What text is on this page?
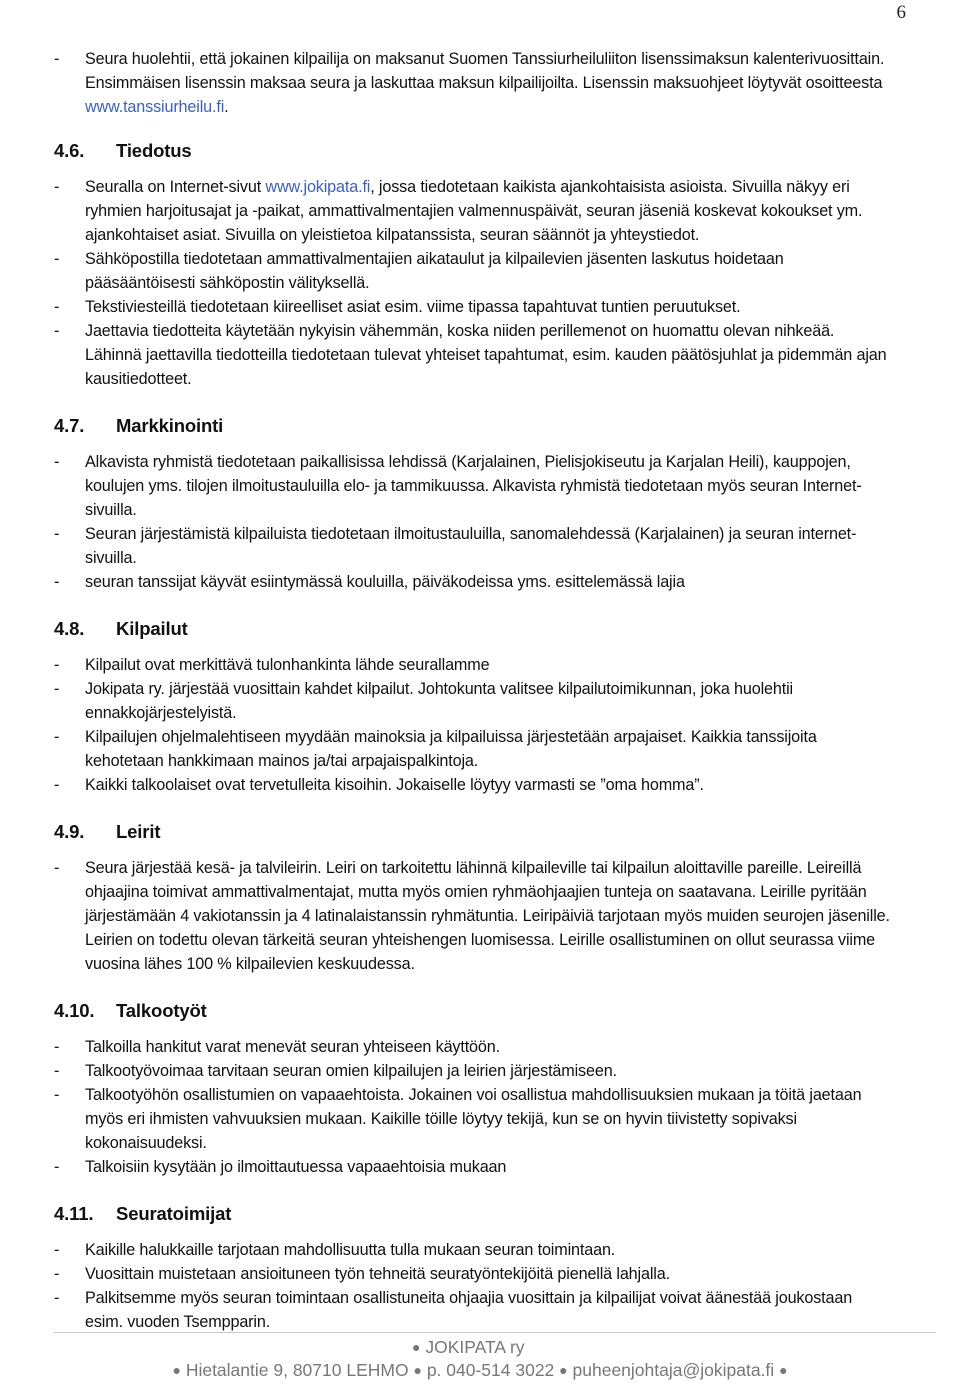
6
-	Seura huolehtii, että jokainen kilpailija on maksanut Suomen Tanssiurheiluliiton lisenssimaksun kalenterivuosittain. Ensimmäisen lisenssin maksaa seura ja laskuttaa maksun kilpailijoilta. Lisenssin maksuohjeet löytyvät osoitteesta www.tanssiurheilu.fi.
4.6.	Tiedotus
-	Seuralla on Internet-sivut www.jokipata.fi, jossa tiedotetaan kaikista ajankohtaisista asioista. Sivuilla näkyy eri ryhmien harjoitusajat ja -paikat, ammattivalmentajien valmennuspäivät, seuran jäseniä koskevat kokoukset ym. ajankohtaiset asiat. Sivuilla on yleistietoa kilpatanssista, seuran säännöt ja yhteystiedot.
-	Sähköpostilla tiedotetaan ammattivalmentajien aikataulut ja kilpailevien jäsenten laskutus hoidetaan pääsääntöisesti sähköpostin välityksellä.
-	Tekstiviesteillä tiedotetaan kiireelliset asiat esim. viime tipassa tapahtuvat tuntien peruutukset.
-	Jaettavia tiedotteita käytetään nykyisin vähemmän, koska niiden perillemenot on huomattu olevan nihkeää. Lähinnä jaettavilla tiedotteilla tiedotetaan tulevat yhteiset tapahtumat, esim. kauden päätösjuhlat ja pidemmän ajan kausitiedotteet.
4.7.	Markkinointi
-	Alkavista ryhmistä tiedotetaan paikallisissa lehdissä (Karjalainen, Pielisjokiseutu ja Karjalan Heili), kauppojen, koulujen yms. tilojen ilmoitustauluilla elo- ja tammikuussa. Alkavista ryhmistä tiedotetaan myös seuran Internet-sivuilla.
-	Seuran järjestämistä kilpailuista tiedotetaan ilmoitustauluilla, sanomalehdessä (Karjalainen) ja seuran internet-sivuilla.
-	seuran tanssijat käyvät esiintymässä kouluilla, päiväkodeissa yms. esittelemässä lajia
4.8.	Kilpailut
-	Kilpailut ovat merkittävä tulonhankinta lähde seurallamme
-	Jokipata ry. järjestää vuosittain kahdet kilpailut. Johtokunta valitsee kilpailutoimikunnan, joka huolehtii ennakkojärjestelyistä.
-	Kilpailujen ohjelmalehtiseen myydään mainoksia ja kilpailuissa järjestetään arpajaiset. Kaikkia tanssijoita kehotetaan hankkimaan mainos ja/tai arpajaispalkintoja.
-	Kaikki talkoolaiset ovat tervetulleita kisoihin. Jokaiselle löytyy varmasti se ”oma homma”.
4.9.	Leirit
-	Seura järjestää kesä- ja talvileirin. Leiri on tarkoitettu lähinnä kilpaileville tai kilpailun aloittaville pareille. Leireillä ohjaajina toimivat ammattivalmentajat, mutta myös omien ryhmäohjaajien tunteja on saatavana. Leirille pyritään järjestämään 4 vakiotanssin ja 4 latinalaistanssin ryhmätuntia. Leiripäiviä tarjotaan myös muiden seurojen jäsenille. Leirien on todettu olevan tärkeitä seuran yhteishengen luomisessa. Leirille osallistuminen on ollut seurassa viime vuosina lähes 100 % kilpailevien keskuudessa.
4.10.	Talkootyöt
-	Talkoilla hankitut varat menevät seuran yhteiseen käyttöön.
-	Talkootyövoimaa tarvitaan seuran omien kilpailujen ja leirien järjestämiseen.
-	Talkootyöhön osallistumien on vapaaehtoista. Jokainen voi osallistua mahdollisuuksien mukaan ja töitä jaetaan myös eri ihmisten vahvuuksien mukaan. Kaikille töille löytyy tekijä, kun se on hyvin tiivistetty sopivaksi kokonaisuudeksi.
-	Talkoisiin kysytään jo ilmoittautuessa vapaaehtoisia mukaan
4.11.	Seuratoimijat
-	Kaikille halukkaille tarjotaan mahdollisuutta tulla mukaan seuran toimintaan.
-	Vuosittain muistetaan ansioituneen työn tehneitä seuratyöntekijöitä pienellä lahjalla.
-	Palkitsemme myös seuran toimintaan osallistuneita ohjaajia vuosittain ja kilpailijat voivat äänestää joukostaan esim. vuoden Tsempparin.
● JOKIPATA ry
● Hietalantie 9, 80710 LEHMO ● p. 040-514 3022 ● puheenjohtaja@jokipata.fi ●
